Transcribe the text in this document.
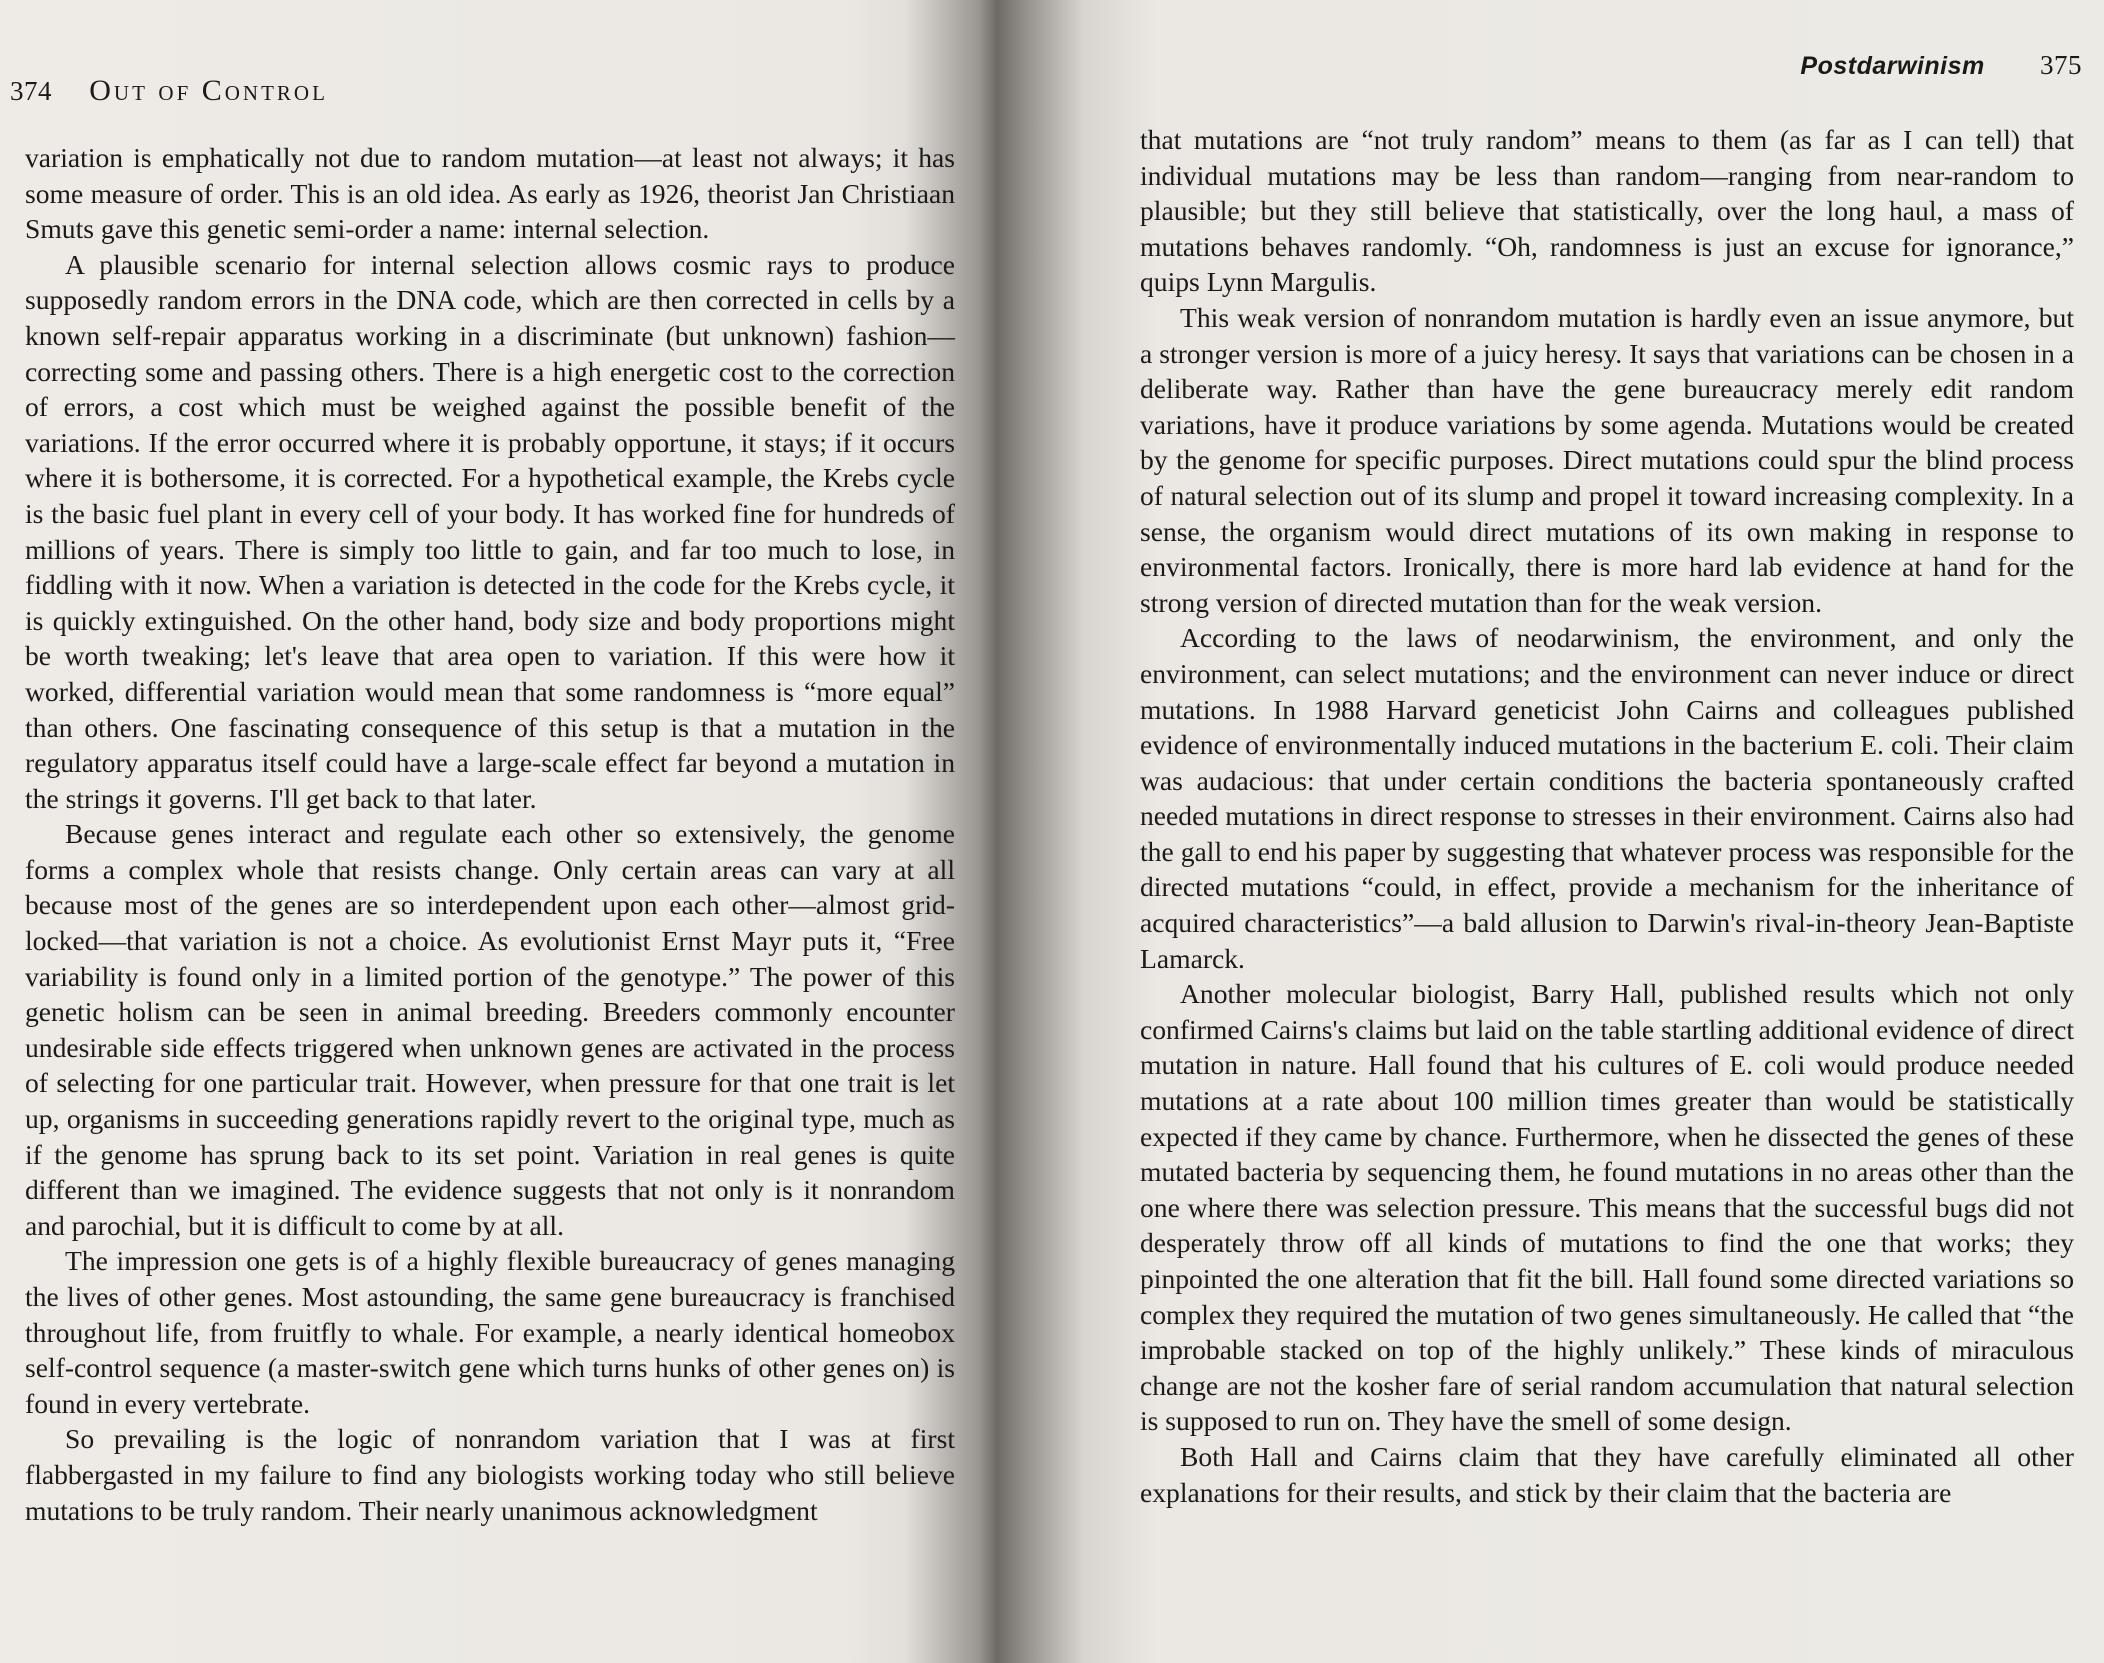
374 Out of Control

variation is emphatically not due to random mutation—at least not always; it has some measure of order. This is an old idea. As early as 1926, theorist Jan Christiaan Smuts gave this genetic semi-order a name: internal selection.

A plausible scenario for internal selection allows cosmic rays to produce supposedly random errors in the DNA code, which are then corrected in cells by a known self-repair apparatus working in a discriminate (but unknown) fashion—correcting some and passing others. There is a high energetic cost to the correction of errors, a cost which must be weighed against the possible benefit of the variations. If the error occurred where it is probably opportune, it stays; if it occurs where it is bothersome, it is corrected. For a hypothetical example, the Krebs cycle is the basic fuel plant in every cell of your body. It has worked fine for hundreds of millions of years. There is simply too little to gain, and far too much to lose, in fiddling with it now. When a variation is detected in the code for the Krebs cycle, it is quickly extinguished. On the other hand, body size and body proportions might be worth tweaking; let's leave that area open to variation. If this were how it worked, differential variation would mean that some randomness is “more equal” than others. One fascinating consequence of this setup is that a mutation in the regulatory apparatus itself could have a large-scale effect far beyond a mutation in the strings it governs. I'll get back to that later.

Because genes interact and regulate each other so extensively, the genome forms a complex whole that resists change. Only certain areas can vary at all because most of the genes are so interdependent upon each other—almost grid-locked—that variation is not a choice. As evolutionist Ernst Mayr puts it, “Free variability is found only in a limited portion of the genotype.” The power of this genetic holism can be seen in animal breeding. Breeders commonly encounter undesirable side effects triggered when unknown genes are activated in the process of selecting for one particular trait. However, when pressure for that one trait is let up, organisms in succeeding generations rapidly revert to the original type, much as if the genome has sprung back to its set point. Variation in real genes is quite different than we imagined. The evidence suggests that not only is it nonrandom and parochial, but it is difficult to come by at all.

The impression one gets is of a highly flexible bureaucracy of genes managing the lives of other genes. Most astounding, the same gene bureaucracy is franchised throughout life, from fruitfly to whale. For example, a nearly identical homeobox self-control sequence (a master-switch gene which turns hunks of other genes on) is found in every vertebrate.

So prevailing is the logic of nonrandom variation that I was at first flabbergasted in my failure to find any biologists working today who still believe mutations to be truly random. Their nearly unanimous acknowledgment

Postdarwinism 375

that mutations are “not truly random” means to them (as far as I can tell) that individual mutations may be less than random—ranging from near-random to plausible; but they still believe that statistically, over the long haul, a mass of mutations behaves randomly. “Oh, randomness is just an excuse for ignorance,” quips Lynn Margulis.

This weak version of nonrandom mutation is hardly even an issue anymore, but a stronger version is more of a juicy heresy. It says that variations can be chosen in a deliberate way. Rather than have the gene bureaucracy merely edit random variations, have it produce variations by some agenda. Mutations would be created by the genome for specific purposes. Direct mutations could spur the blind process of natural selection out of its slump and propel it toward increasing complexity. In a sense, the organism would direct mutations of its own making in response to environmental factors. Ironically, there is more hard lab evidence at hand for the strong version of directed mutation than for the weak version.

According to the laws of neodarwinism, the environment, and only the environment, can select mutations; and the environment can never induce or direct mutations. In 1988 Harvard geneticist John Cairns and colleagues published evidence of environmentally induced mutations in the bacterium E. coli. Their claim was audacious: that under certain conditions the bacteria spontaneously crafted needed mutations in direct response to stresses in their environment. Cairns also had the gall to end his paper by suggesting that whatever process was responsible for the directed mutations “could, in effect, provide a mechanism for the inheritance of acquired characteristics”—a bald allusion to Darwin's rival-in-theory Jean-Baptiste Lamarck.

Another molecular biologist, Barry Hall, published results which not only confirmed Cairns's claims but laid on the table startling additional evidence of direct mutation in nature. Hall found that his cultures of E. coli would produce needed mutations at a rate about 100 million times greater than would be statistically expected if they came by chance. Furthermore, when he dissected the genes of these mutated bacteria by sequencing them, he found mutations in no areas other than the one where there was selection pressure. This means that the successful bugs did not desperately throw off all kinds of mutations to find the one that works; they pinpointed the one alteration that fit the bill. Hall found some directed variations so complex they required the mutation of two genes simultaneously. He called that “the improbable stacked on top of the highly unlikely.” These kinds of miraculous change are not the kosher fare of serial random accumulation that natural selection is supposed to run on. They have the smell of some design.

Both Hall and Cairns claim that they have carefully eliminated all other explanations for their results, and stick by their claim that the bacteria are
